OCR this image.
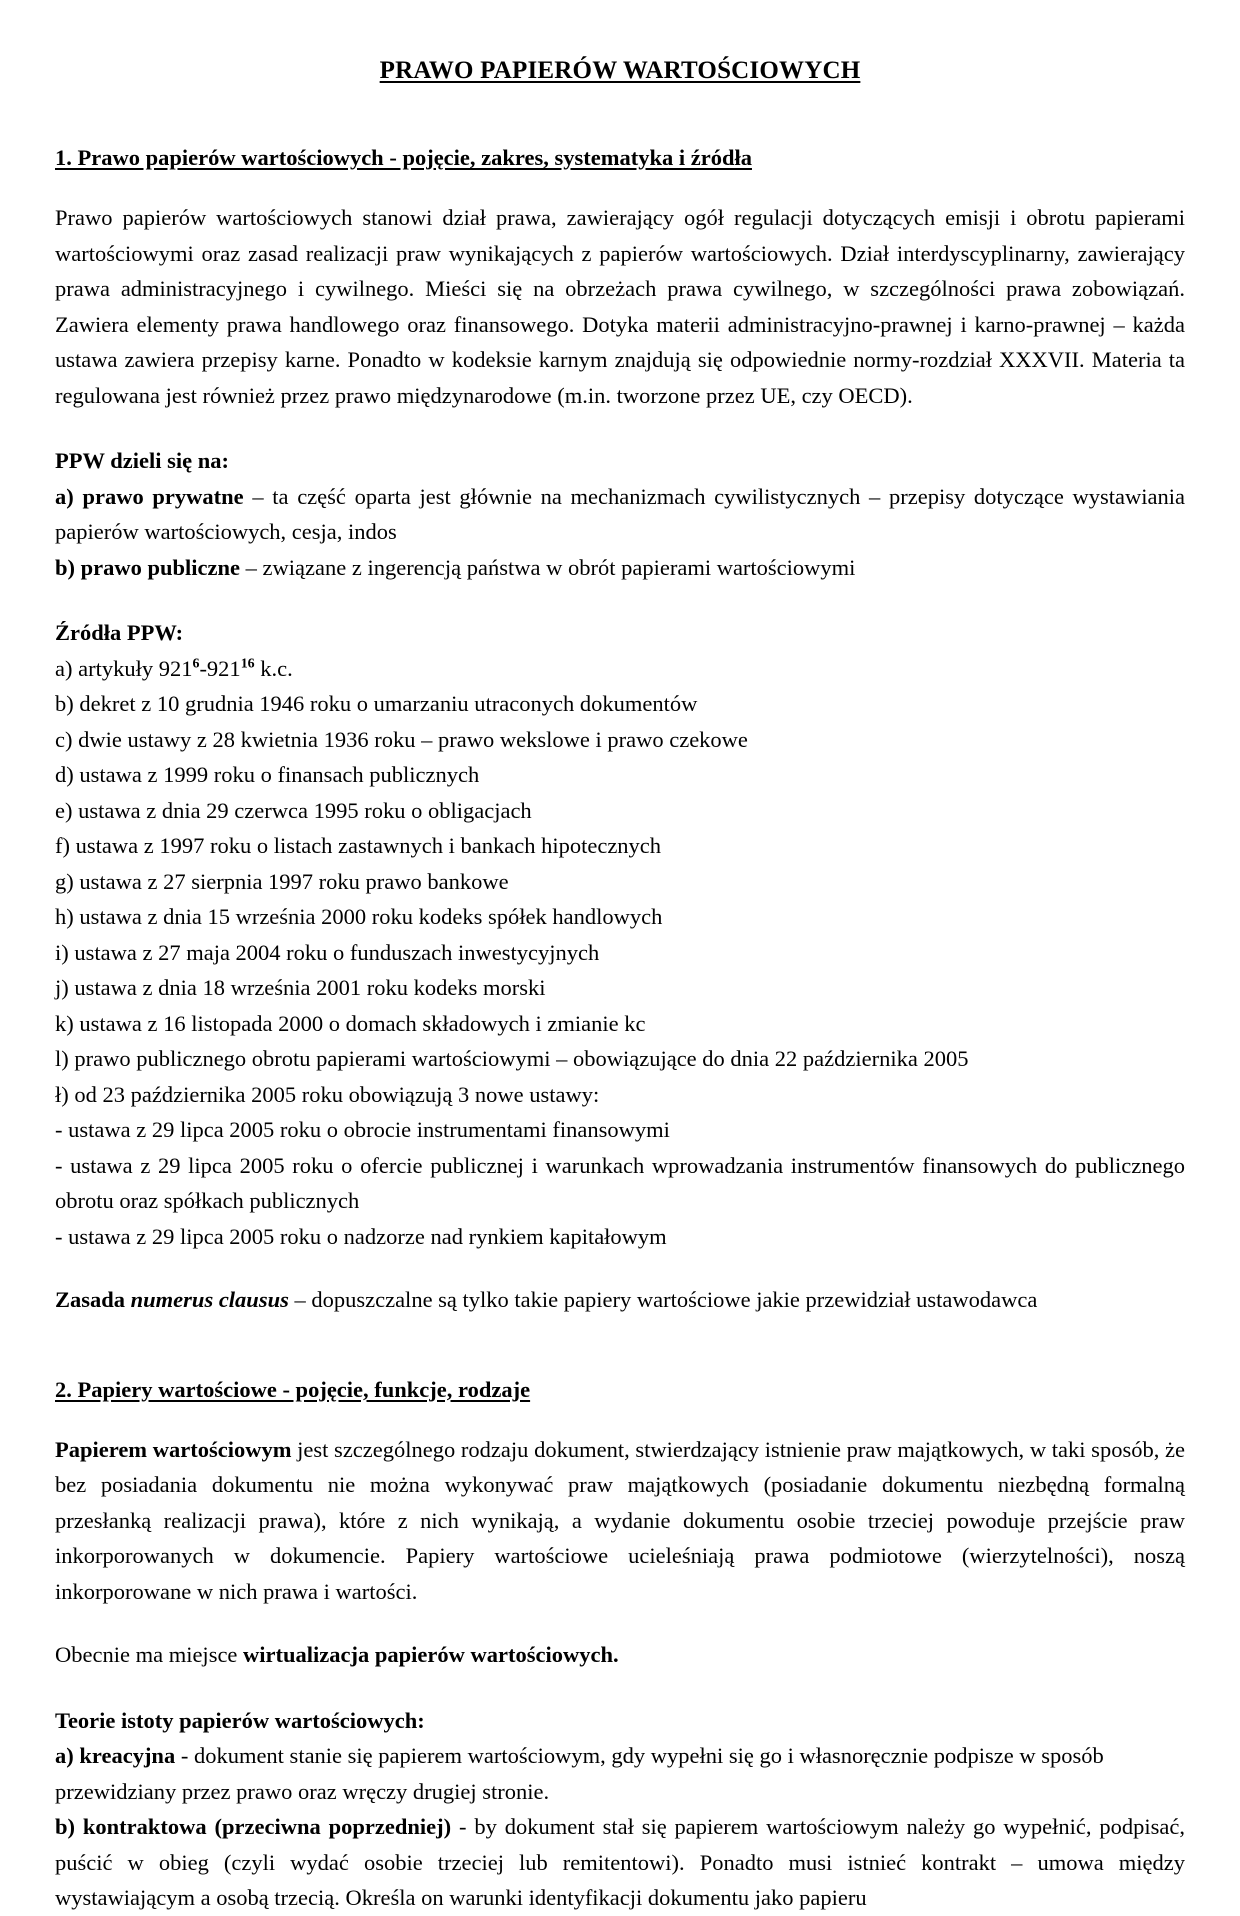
PRAWO PAPIERÓW WARTOŚCIOWYCH
1. Prawo papierów wartościowych - pojęcie, zakres, systematyka i źródła

Prawo papierów wartościowych stanowi dział prawa, zawierający ogół regulacji dotyczących emisji i obrotu papierami wartościowymi oraz zasad realizacji praw wynikających z papierów wartościowych. Dział interdyscyplinarny, zawierający prawa administracyjnego i cywilnego. Mieści się na obrzeżach prawa cywilnego, w szczególności prawa zobowiązań. Zawiera elementy prawa handlowego oraz finansowego. Dotyka materii administracyjno-prawnej i karno-prawnej – każda ustawa zawiera przepisy karne. Ponadto w kodeksie karnym znajdują się odpowiednie normy-rozdział XXXVII. Materia ta regulowana jest również przez prawo międzynarodowe (m.in. tworzone przez UE, czy OECD).

PPW dzieli się na:
a) prawo prywatne – ta część oparta jest głównie na mechanizmach cywilistycznych – przepisy dotyczące wystawiania papierów wartościowych, cesja, indos
b) prawo publiczne – związane z ingerencją państwa w obrót papierami wartościowymi
Źródła PPW:
a) artykuły $921^6-921^{16}$ k.c.
b) dekret z 10 grudnia 1946 roku o umarzaniu utraconych dokumentów
c) dwie ustawy z 28 kwietnia 1936 roku – prawo wekslowe i prawo czekowe
d) ustawa z 1999 roku o finansach publicznych
e) ustawa z dnia 29 czerwca 1995 roku o obligacjach
f) ustawa z 1997 roku o listach zastawnych i bankach hipotecznych
g) ustawa z 27 sierpnia 1997 roku prawo bankowe
h) ustawa z dnia 15 września 2000 roku kodeks spółek handlowych
i) ustawa z 27 maja 2004 roku o funduszach inwestycyjnych
j) ustawa z dnia 18 września 2001 roku kodeks morski
k) ustawa z 16 listopada 2000 o domach składowych i zmianie kc
l) prawo publicznego obrotu papierami wartościowymi – obowiązujące do dnia 22 października 2005
ł) od 23 października 2005 roku obowiązują 3 nowe ustawy:
- ustawa z 29 lipca 2005 roku o obrocie instrumentami finansowymi
- ustawa z 29 lipca 2005 roku o ofercie publicznej i warunkach wprowadzania instrumentów finansowych do publicznego obrotu oraz spółkach publicznych
- ustawa z 29 lipca 2005 roku o nadzorze nad rynkiem kapitałowym

Zasada numerus clausus – dopuszczalne są tylko takie papiery wartościowe jakie przewidział ustawodawca

2. Papiery wartościowe - pojęcie, funkcje, rodzaje

Papierem wartościowym jest szczególnego rodzaju dokument, stwierdzający istnienie praw majątkowych, w taki sposób, że bez posiadania dokumentu nie można wykonywać praw majątkowych (posiadanie dokumentu niezbędną formalną przesłanką realizacji prawa), które z nich wynikają, a wydanie dokumentu osobie trzeciej powoduje przejście praw inkorporowanych w dokumencie. Papiery wartościowe ucieleśniają prawa podmiotowe (wierzytelności), noszą inkorporowane w nich prawa i wartości.

Obecnie ma miejsce wirtualizacja papierów wartościowych.

Teorie istoty papierów wartościowych:
a) kreacyjna - dokument stanie się papierem wartościowym, gdy wypełni się go i własnoręcznie podpisze w sposób przewidziany przez prawo oraz wręczy drugiej stronie.
b) kontraktowa (przeciwna poprzedniej) - by dokument stał się papierem wartościowym należy go wypełnić, podpisać, puścić w obieg (czyli wydać osobie trzeciej lub remitentowi). Ponadto musi istnieć kontrakt – umowa między wystawiającym a osobą trzecią. Określa on warunki identyfikacji dokumentu jako papieru
